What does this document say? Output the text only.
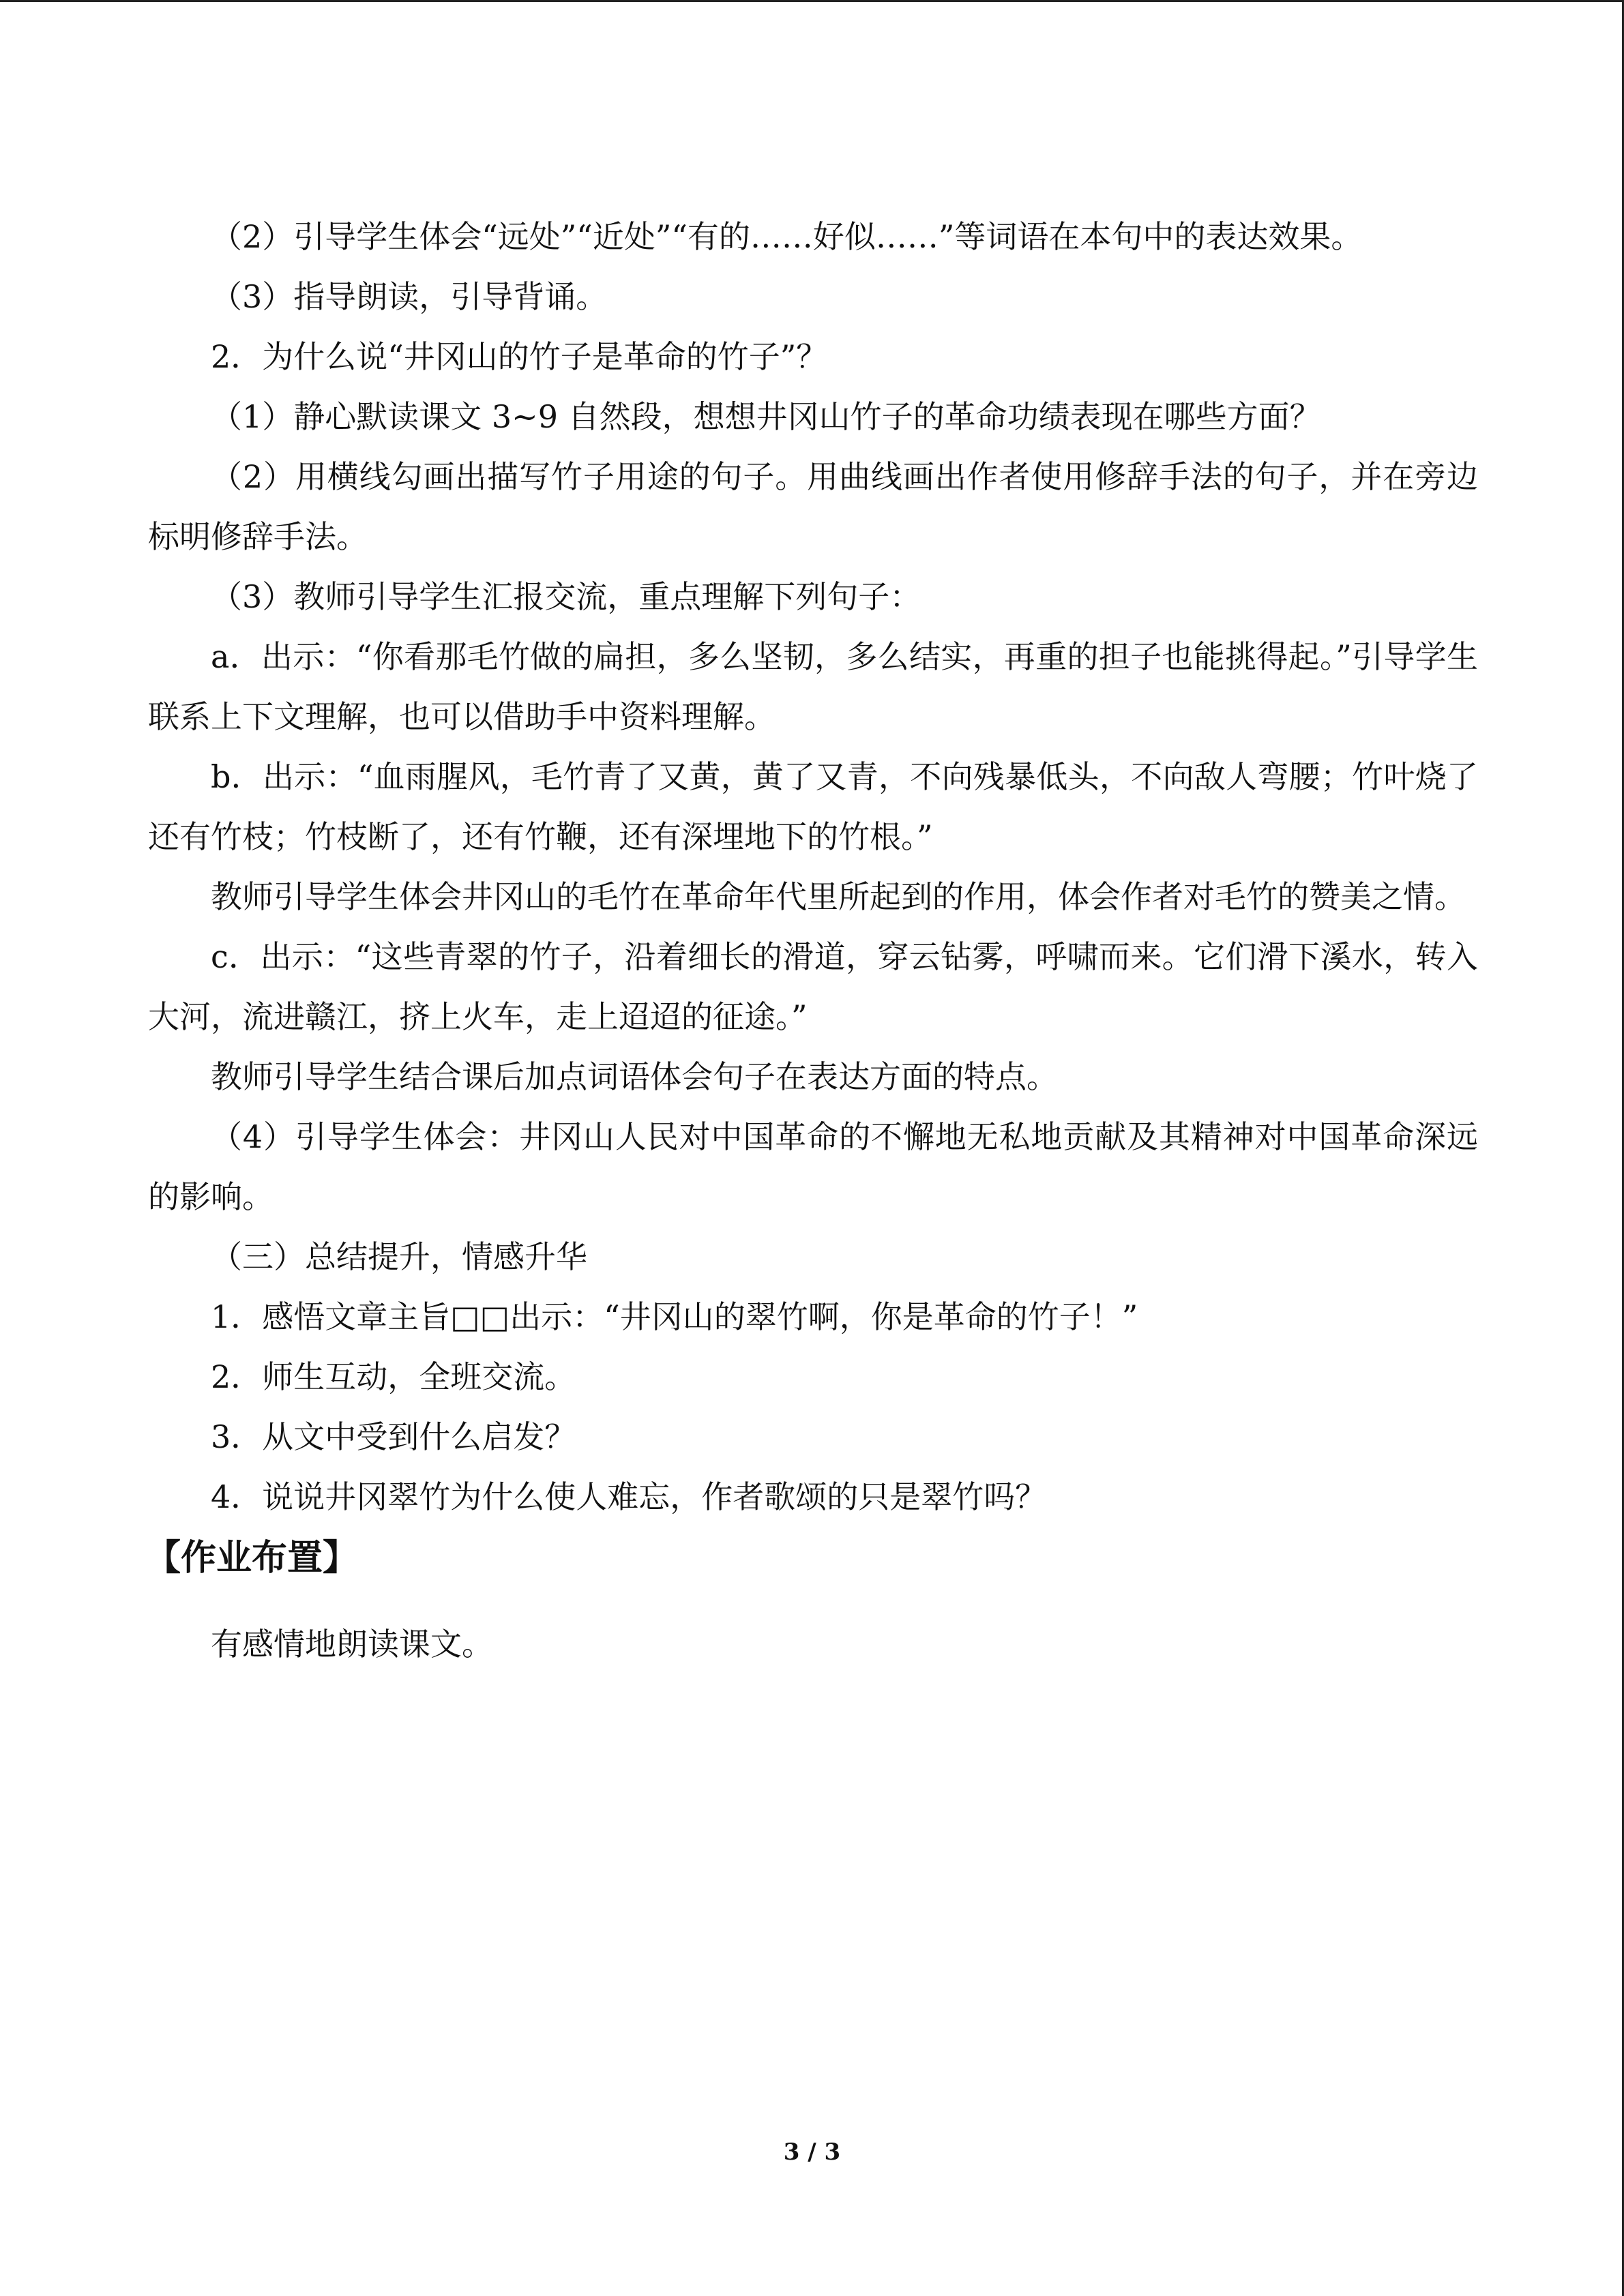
（2）引导学生体会“远处”“近处”“有的……好似……”等词语在本句中的表达效果。

（3）指导朗读，引导背诵。

2．为什么说“井冈山的竹子是革命的竹子”？

（1）静心默读课文 3~9 自然段，想想井冈山竹子的革命功绩表现在哪些方面？

（2）用横线勾画出描写竹子用途的句子。用曲线画出作者使用修辞手法的句子，并在旁边标明修辞手法。

（3）教师引导学生汇报交流，重点理解下列句子：

a．出示：“你看那毛竹做的扁担，多么坚韧，多么结实，再重的担子也能挑得起。”引导学生联系上下文理解，也可以借助手中资料理解。

b．出示：“血雨腥风，毛竹青了又黄，黄了又青，不向残暴低头，不向敌人弯腰；竹叶烧了还有竹枝；竹枝断了，还有竹鞭，还有深埋地下的竹根。”

教师引导学生体会井冈山的毛竹在革命年代里所起到的作用，体会作者对毛竹的赞美之情。

c．出示：“这些青翠的竹子，沿着细长的滑道，穿云钻雾，呼啸而来。它们滑下溪水，转入大河，流进赣江，挤上火车，走上迢迢的征途。”

教师引导学生结合课后加点词语体会句子在表达方面的特点。

（4）引导学生体会：井冈山人民对中国革命的不懈地无私地贡献及其精神对中国革命深远的影响。

（三）总结提升，情感升华

1．感悟文章主旨□□出示：“井冈山的翠竹啊，你是革命的竹子！”

2．师生互动，全班交流。

3．从文中受到什么启发？

4．说说井冈翠竹为什么使人难忘，作者歌颂的只是翠竹吗？

【作业布置】

有感情地朗读课文。

3 / 3
